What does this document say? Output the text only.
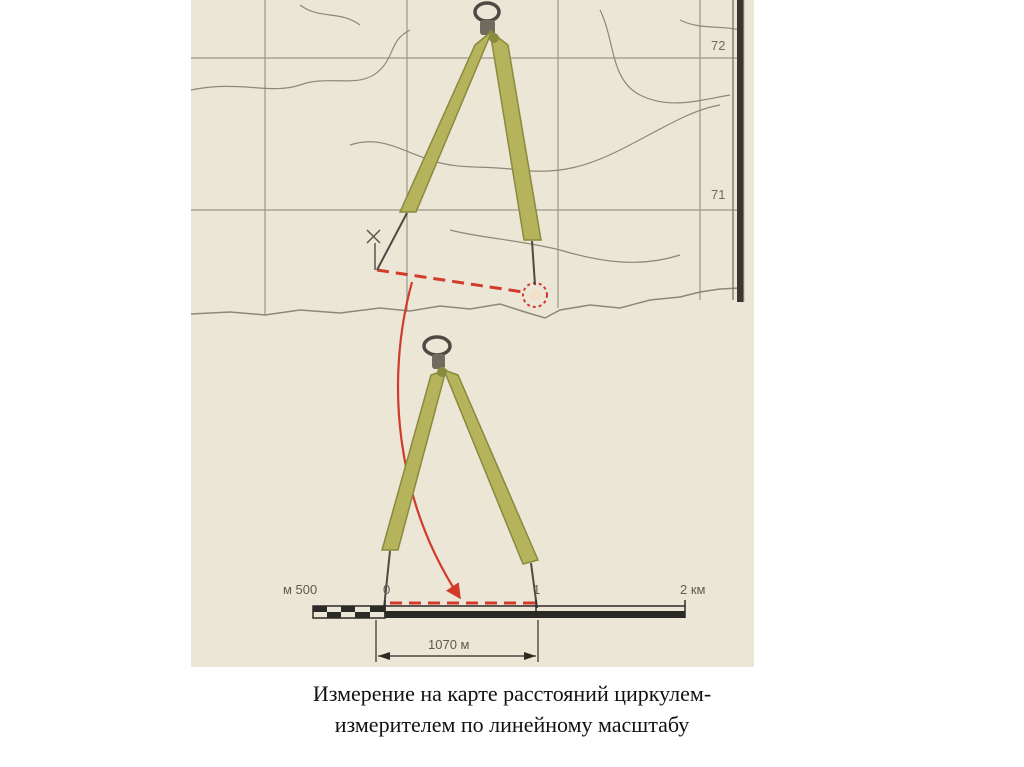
72
71
м 500	0	1	2 км
1070 м
Измерение на карте расстояний циркулем-
измерителем по линейному масштабу
